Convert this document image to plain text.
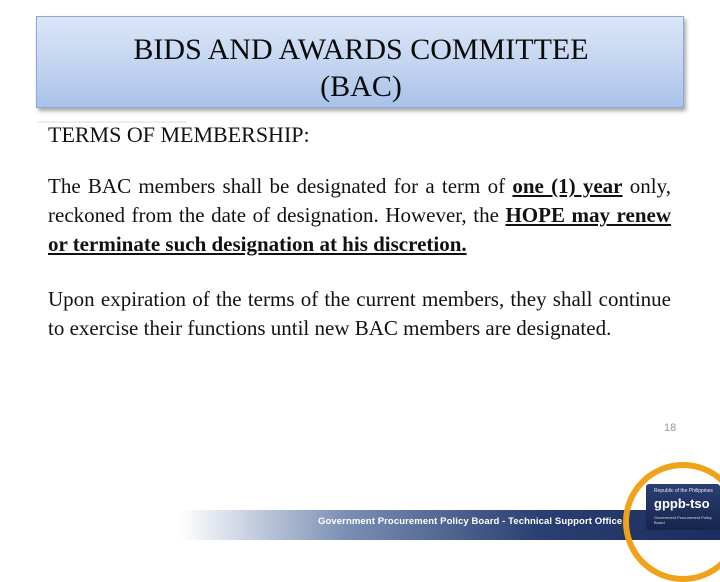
BIDS AND AWARDS COMMITTEE
(BAC)
TERMS OF MEMBERSHIP:

The BAC members shall be designated for a term of one (1) year only, reckoned from the date of designation. However, the HOPE may renew or terminate such designation at his discretion.

Upon expiration of the terms of the current members, they shall continue to exercise their functions until new BAC members are designated.

18
Government Procurement Policy Board - Technical Support Office
Republic of the Philippines
gppb-tso
Government Procurement Policy Board
